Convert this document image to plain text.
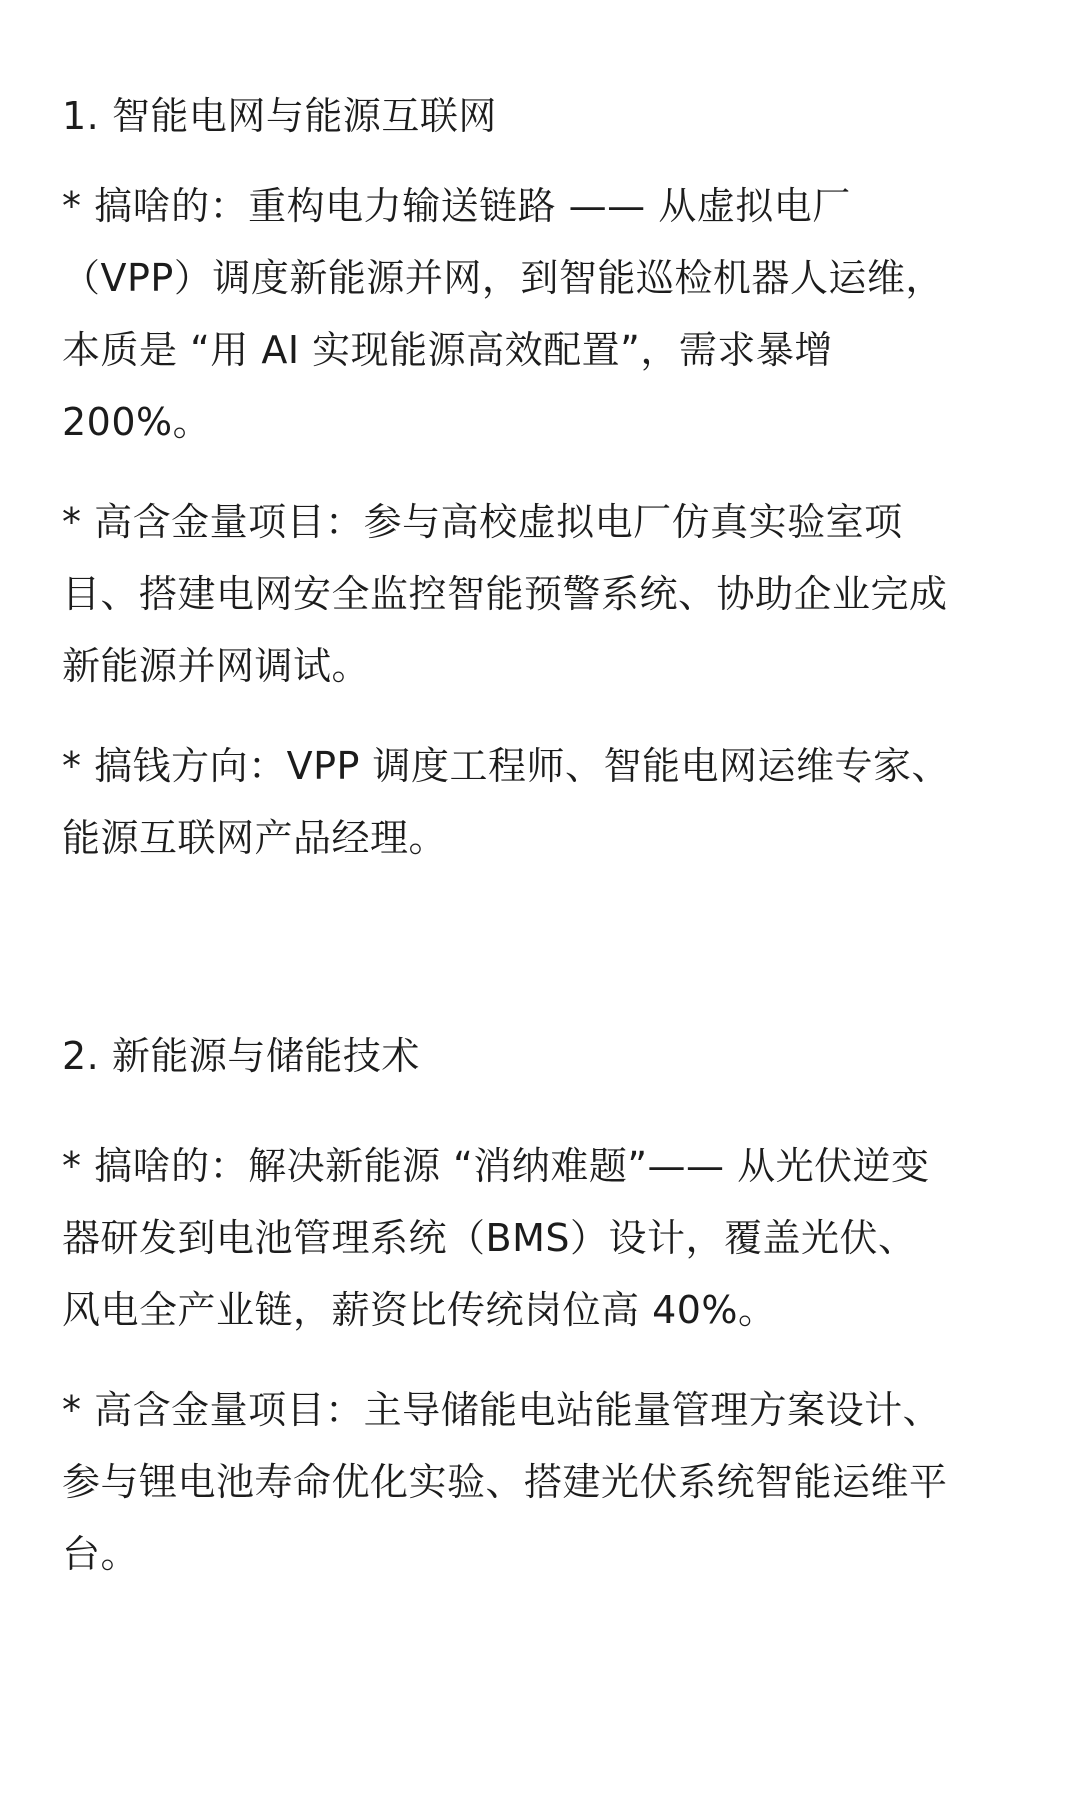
1. 智能电网与能源互联网
* 搞啥的：重构电力输送链路 —— 从虚拟电厂
（VPP）调度新能源并网，到智能巡检机器人运维，
本质是 “用 AI 实现能源高效配置”，需求暴增
200%。
* 高含金量项目：参与高校虚拟电厂仿真实验室项
目、搭建电网安全监控智能预警系统、协助企业完成
新能源并网调试。
* 搞钱方向：VPP 调度工程师、智能电网运维专家、
能源互联网产品经理。
2. 新能源与储能技术
* 搞啥的：解决新能源 “消纳难题”—— 从光伏逆变
器研发到电池管理系统（BMS）设计，覆盖光伏、
风电全产业链，薪资比传统岗位高 40%。
* 高含金量项目：主导储能电站能量管理方案设计、
参与锂电池寿命优化实验、搭建光伏系统智能运维平
台。
